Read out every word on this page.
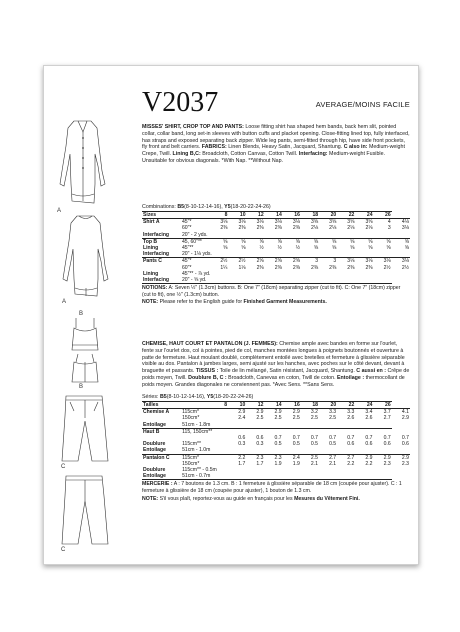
A
A
B
B
C
C
V2037	AVERAGE/MOINS FACILE
MISSES' SHIRT, CROP TOP AND PANTS: Loose fitting shirt has shaped hem bands, back hem slit, pointed collar, collar band, long set-in sleeves with button cuffs and placket opening. Close-fitting lined top, fully interfaced, has straps and exposed separating back zipper. Wide leg pants, semi-fitted through hip, have side front pockets, fly front and belt carriers. FABRICS: Linen Blends, Heavy Satin, Jacquard, Shantung. C also in: Medium-weight Crepe, Twill. Lining B,C: Broadcloth, Cotton Canvas, Cotton Twill. Interfacing: Medium-weight Fusible. Unsuitable for obvious diagonals. *With Nap. **Without Nap.

Combinations: B5(8-10-12-14-16), Y5(18-20-22-24-26)

Sizes		8	10	12	14	16	18	20	22	24	26	
Shirt A	45"*	3⅛	3⅛	3⅛	3⅛	3⅛	3⅝	3⅝	3⅝	3⅝	4	4⅛
	60"*	2⅜	2⅜	2⅜	2⅜	2⅜	2⅛	2⅛	2⅛	2⅛	3	3⅛
Interfacing	20" - 2 yds.											
Top B	45, 60"**	⅝	⅝	⅝	⅝	⅝	⅝	⅝	⅝	⅝	⅝	⅝
Lining	45"**	⅝	⅝	½	½	½	⅝	⅝	⅝	⅝	⅝	⅝
Interfacing	20" - 1⅛ yds.											
Pants C	45"*	2½	2½	2⅝	2⅝	2⅝	3	3	3⅛	3⅛	3⅛	3⅛
	60"*	1¼	1⅛	2⅜	2⅜	2⅜	2⅜	2⅜	2⅜	2⅜	2½	2½
Lining	45"** - ⅞ yd.											
Interfacing	20" - ⅝ yd.											

NOTIONS: A: Seven ½" (1.3cm) buttons. B: One 7" (18cm) separating zipper (cut to fit). C: One 7" (18cm) zipper (cut to fit), one ½" (1.3cm) button.

NOTE: Please refer to the English guide for Finished Garment Measurements.

CHEMISE, HAUT COURT ET PANTALON (J. FEMMES): Chemise ample avec bandes en forme sur l'ourlet, fente sur l'ourlet dos, col à pointes, pied de col, manches montées longues à poignets boutonnés et ouverture à patte de fermeture. Haut moulant doublé, complètement entoilé avec bretelles et fermeture à glissière séparable visible au dos. Pantalon à jambes larges, semi ajusté sur les hanches, avec poches sur le côté devant, devant à braguette et passants. TISSUS : Toile de lin mélangé, Satin résistant, Jacquard, Shantung. C aussi en : Crêpe de poids moyen, Twill. Doublure B, C : Broadcloth, Canevas en coton, Twill de coton. Entoilage : thermocollant de poids moyen. Grandes diagonales ne conviennent pas. *Avec Sens. **Sans Sens.

Séries: B5(8-10-12-14-16), Y5(18-20-22-24-26)

Tailles		8	10	12	14	16	18	20	22	24	26	
Chemise A	115cm*		2.9	2.9	2.9	2.9	3.2	3.3	3.3	3.4	3.7	4.1
	150cm*		2.4	2.5	2.5	2.5	2.5	2.5	2.6	2.6	2.7	2.9
Entoilage	51cm - 1.8m											
Haut B	115, 150cm**											
			0.6	0.6	0.7	0.7	0.7	0.7	0.7	0.7	0.7	0.7
Doublure	115cm**		0.3	0.3	0.5	0.5	0.5	0.5	0.6	0.6	0.6	0.6
Entoilage	51cm - 1.0m											
Pantalon C	115cm*		2.2	2.3	2.3	2.4	2.5	2.7	2.7	2.9	2.9	2.9
	150cm*		1.7	1.7	1.9	1.9	2.1	2.1	2.2	2.2	2.3	2.3
Doublure	115cm** - 0.5m											
Entoilage	51cm - 0.7m											

MERCERIE : A : 7 boutons de 1.3 cm. B : 1 fermeture à glissière séparable de 18 cm (coupée pour ajuster). C : 1 fermeture à glissière de 18 cm (coupée pour ajuster), 1 bouton de 1.3 cm.

NOTE: S'il vous plaît, reportez-vous au guide en français pour les Mesures du Vêtement Fini.
